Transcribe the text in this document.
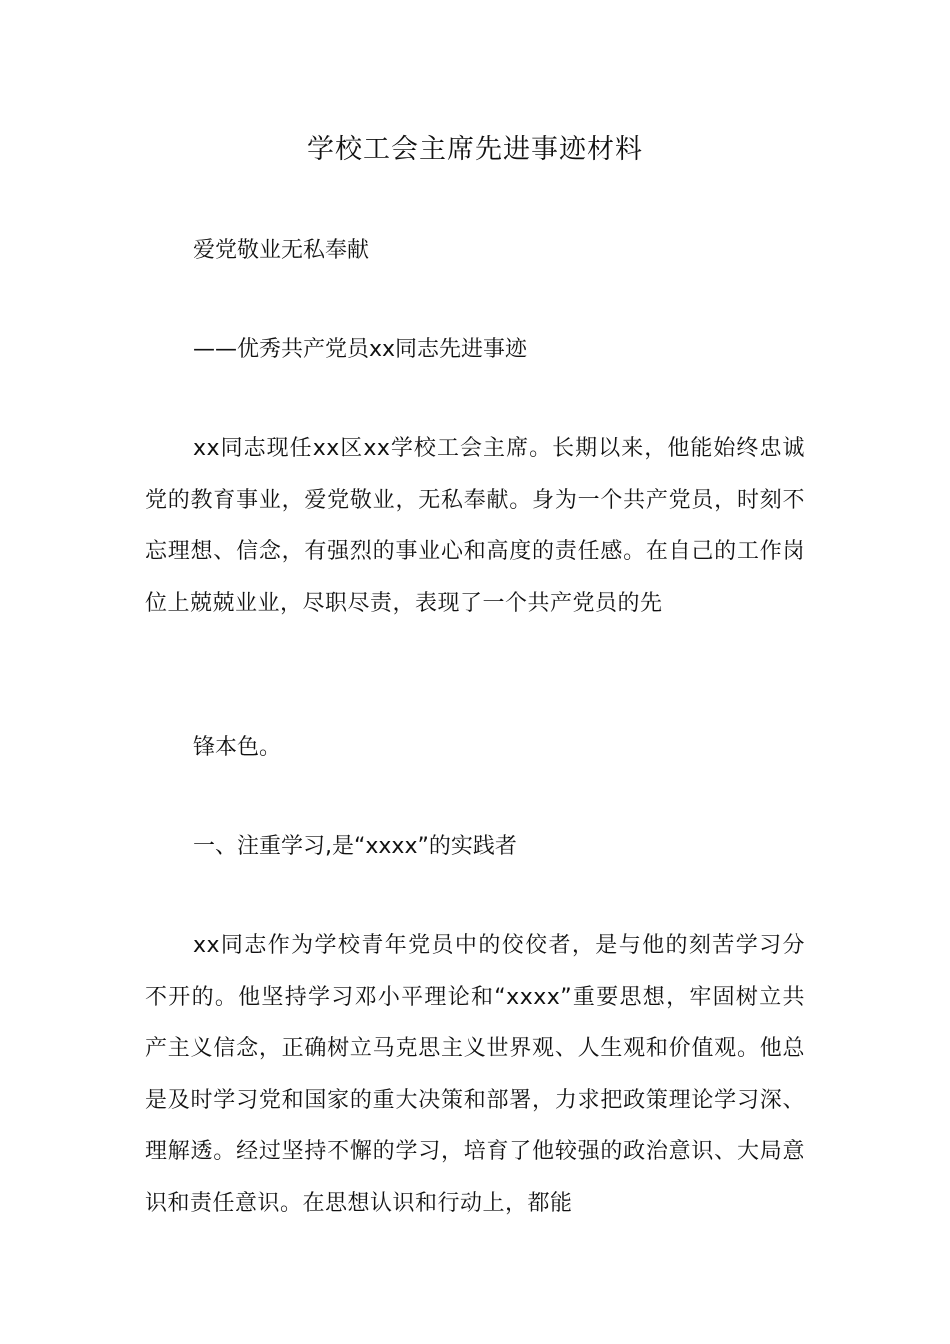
学校工会主席先进事迹材料
爱党敬业无私奉献
——优秀共产党员xx同志先进事迹

xx同志现任xx区xx学校工会主席。长期以来，他能始终忠诚党的教育事业，爱党敬业，无私奉献。身为一个共产党员，时刻不忘理想、信念，有强烈的事业心和高度的责任感。在自己的工作岗位上兢兢业业，尽职尽责，表现了一个共产党员的先

锋本色。
一、注重学习,是“xxxx”的实践者

xx同志作为学校青年党员中的佼佼者，是与他的刻苦学习分不开的。他坚持学习邓小平理论和“xxxx”重要思想，牢固树立共产主义信念，正确树立马克思主义世界观、人生观和价值观。他总是及时学习党和国家的重大决策和部署，力求把政策理论学习深、理解透。经过坚持不懈的学习，培育了他较强的政治意识、大局意识和责任意识。在思想认识和行动上，都能
